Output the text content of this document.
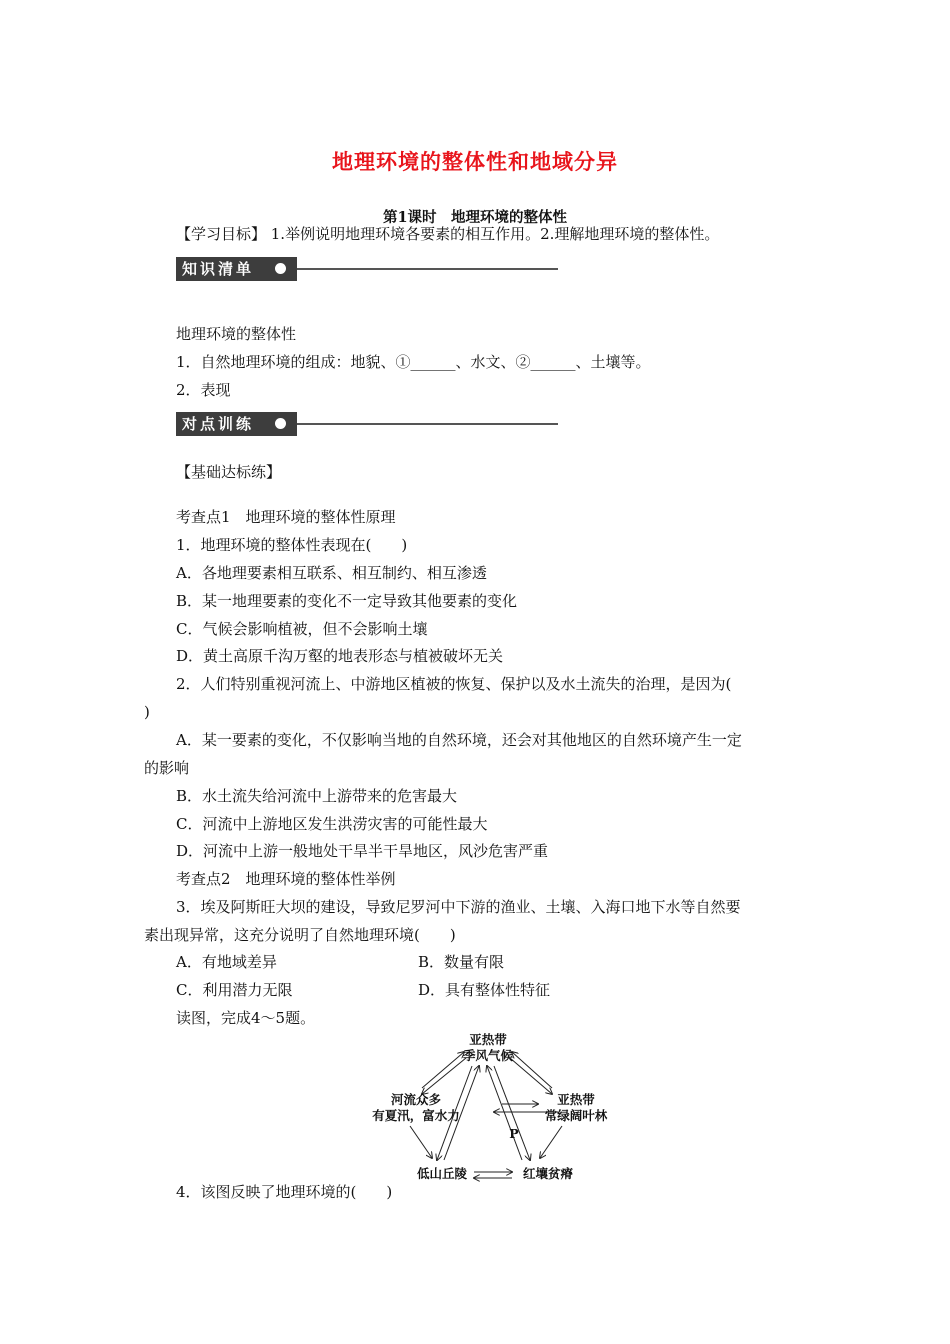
地理环境的整体性和地域分异
第1课时　地理环境的整体性
【学习目标】 1.举例说明地理环境各要素的相互作用。2.理解地理环境的整体性。
知识清单
地理环境的整体性
1．自然地理环境的组成：地貌、①______、水文、②______、土壤等。
2．表现
对点训练
【基础达标练】
考查点1　地理环境的整体性原理
1．地理环境的整体性表现在(　　)
A．各地理要素相互联系、相互制约、相互渗透
B．某一地理要素的变化不一定导致其他要素的变化
C．气候会影响植被，但不会影响土壤
D．黄土高原千沟万壑的地表形态与植被破坏无关
2．人们特别重视河流上、中游地区植被的恢复、保护以及水土流失的治理，是因为(
)
A．某一要素的变化，不仅影响当地的自然环境，还会对其他地区的自然环境产生一定
的影响
B．水土流失给河流中上游带来的危害最大
C．河流中上游地区发生洪涝灾害的可能性最大
D．河流中上游一般地处干旱半干旱地区，风沙危害严重
考查点2　地理环境的整体性举例
3．埃及阿斯旺大坝的建设，导致尼罗河中下游的渔业、土壤、入海口地下水等自然要
素出现异常，这充分说明了自然地理环境(　　)
A．有地域差异	B．数量有限
C．利用潜力无限	D．具有整体性特征
读图，完成4～5题。
亚热带
季风气候
河流众多
有夏汛，富水力
亚热带
常绿阔叶林
P
低山丘陵	红壤贫瘠
4．该图反映了地理环境的(　　)
